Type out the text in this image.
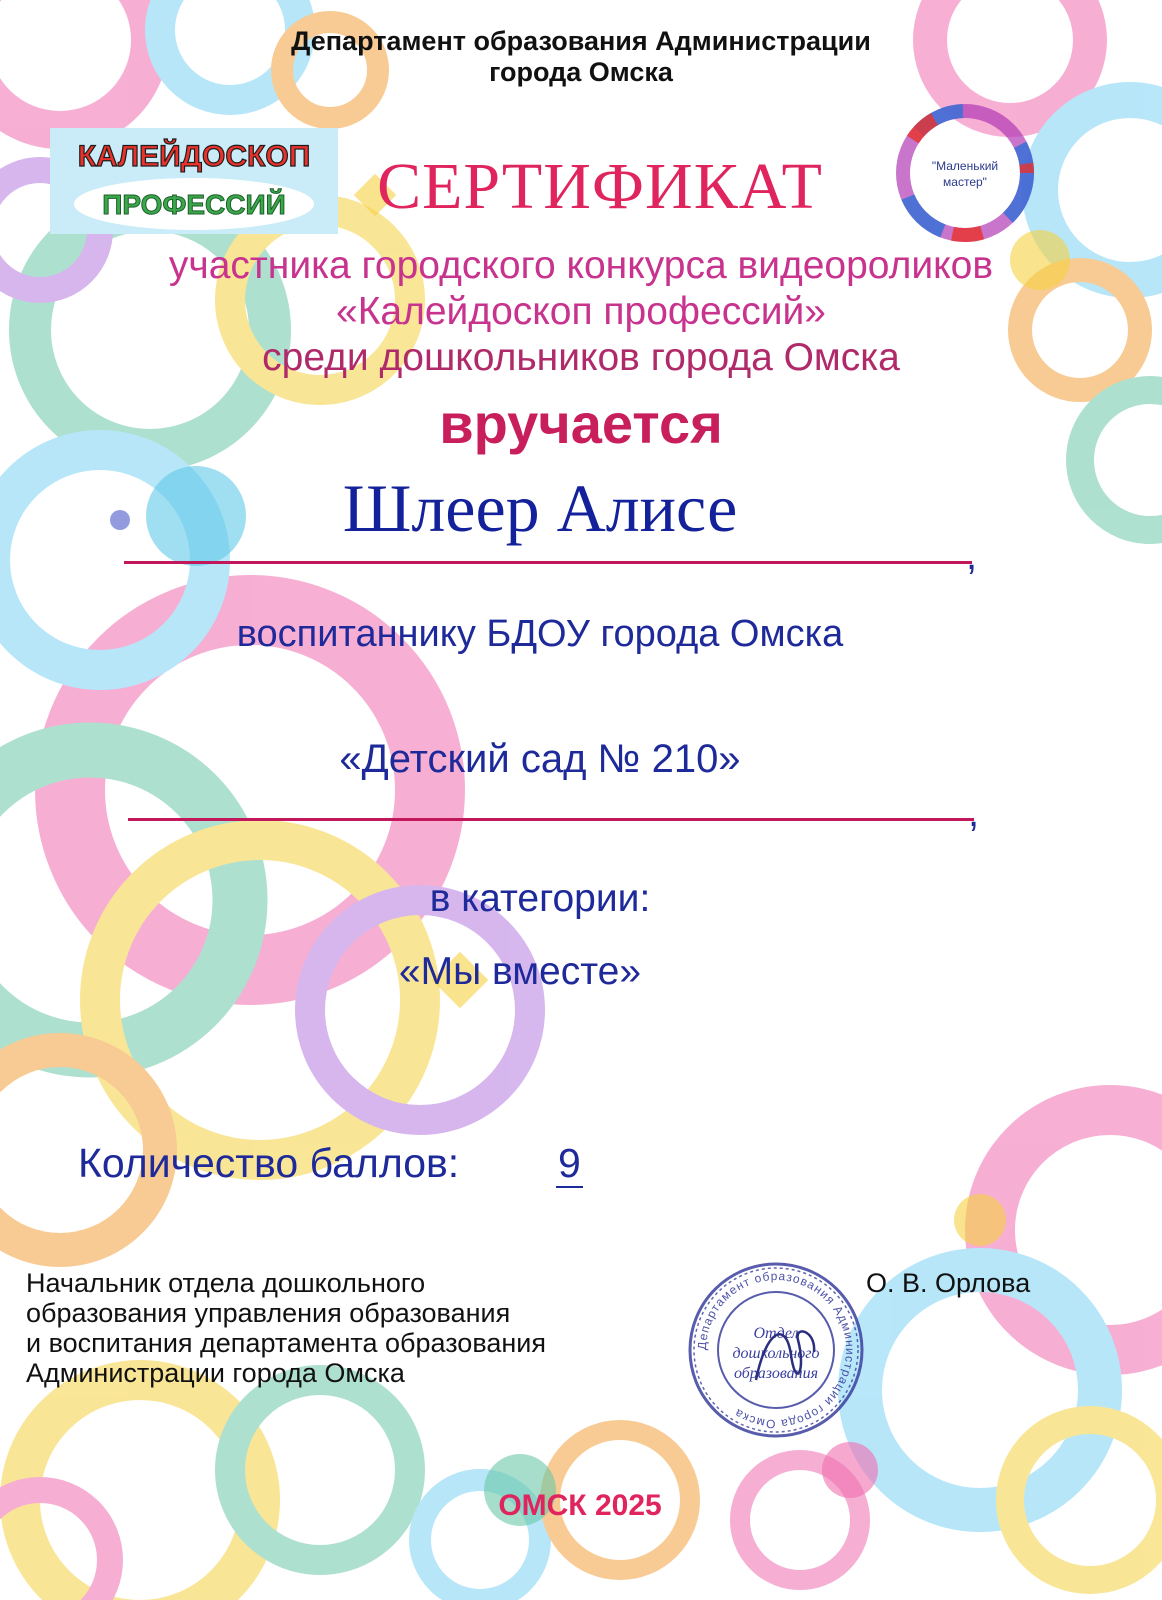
КАЛЕЙДОСКОП
ПРОФЕССИЙ
"Маленький
мастер"
Департамент образования Администрации
города Омска
СЕРТИФИКАТ
участника городского конкурса видеороликов
«Калейдоскоп профессий»
среди дошкольников города Омска
вручается
Шлеер Алисе
,
воспитаннику БДОУ города Омска
«Детский сад № 210»
,
в категории:
«Мы вместе»
Количество баллов: 9
Начальник отдела дошкольного
образования управления образования
и воспитания департамента образования
Администрации города Омска
О. В. Орлова
Департамент образования Администрации города Омска
Отдел
дошкольного
образования
ОМСК 2025
